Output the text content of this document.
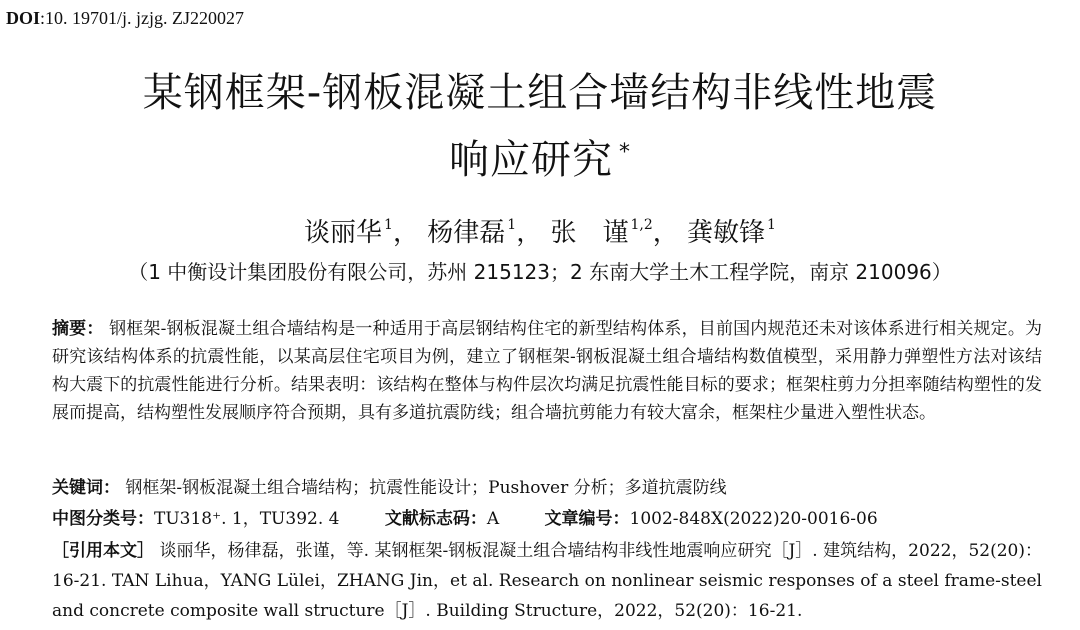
DOI:10. 19701/j. jzjg. ZJ220027
某钢框架-钢板混凝土组合墙结构非线性地震
响应研究 *
谈丽华 $^1$， 杨律磊 $^1$， 张　谨 $^{1,2}$， 龚敏锋 $^1$
（1 中衡设计集团股份有限公司，苏州 215123；2 东南大学土木工程学院，南京 210096）
摘要： 钢框架-钢板混凝土组合墙结构是一种适用于高层钢结构住宅的新型结构体系，目前国内规范还未对该体系进行相关规定。为研究该结构体系的抗震性能，以某高层住宅项目为例，建立了钢框架-钢板混凝土组合墙结构数值模型，采用静力弹塑性方法对该结构大震下的抗震性能进行分析。结果表明：该结构在整体与构件层次均满足抗震性能目标的要求；框架柱剪力分担率随结构塑性的发展而提高，结构塑性发展顺序符合预期，具有多道抗震防线；组合墙抗剪能力有较大富余，框架柱少量进入塑性状态。
关键词： 钢框架-钢板混凝土组合墙结构；抗震性能设计；Pushover 分析；多道抗震防线
中图分类号：TU318⁺. 1，TU392. 4	文献标志码：A	文章编号：1002-848X(2022)20-0016-06
［引用本文］ 谈丽华，杨律磊，张谨，等. 某钢框架-钢板混凝土组合墙结构非线性地震响应研究［J］. 建筑结构，2022，52(20)：16-21. TAN Lihua，YANG Lülei，ZHANG Jin，et al. Research on nonlinear seismic responses of a steel frame-steel and concrete composite wall structure［J］. Building Structure，2022，52(20)：16-21.
